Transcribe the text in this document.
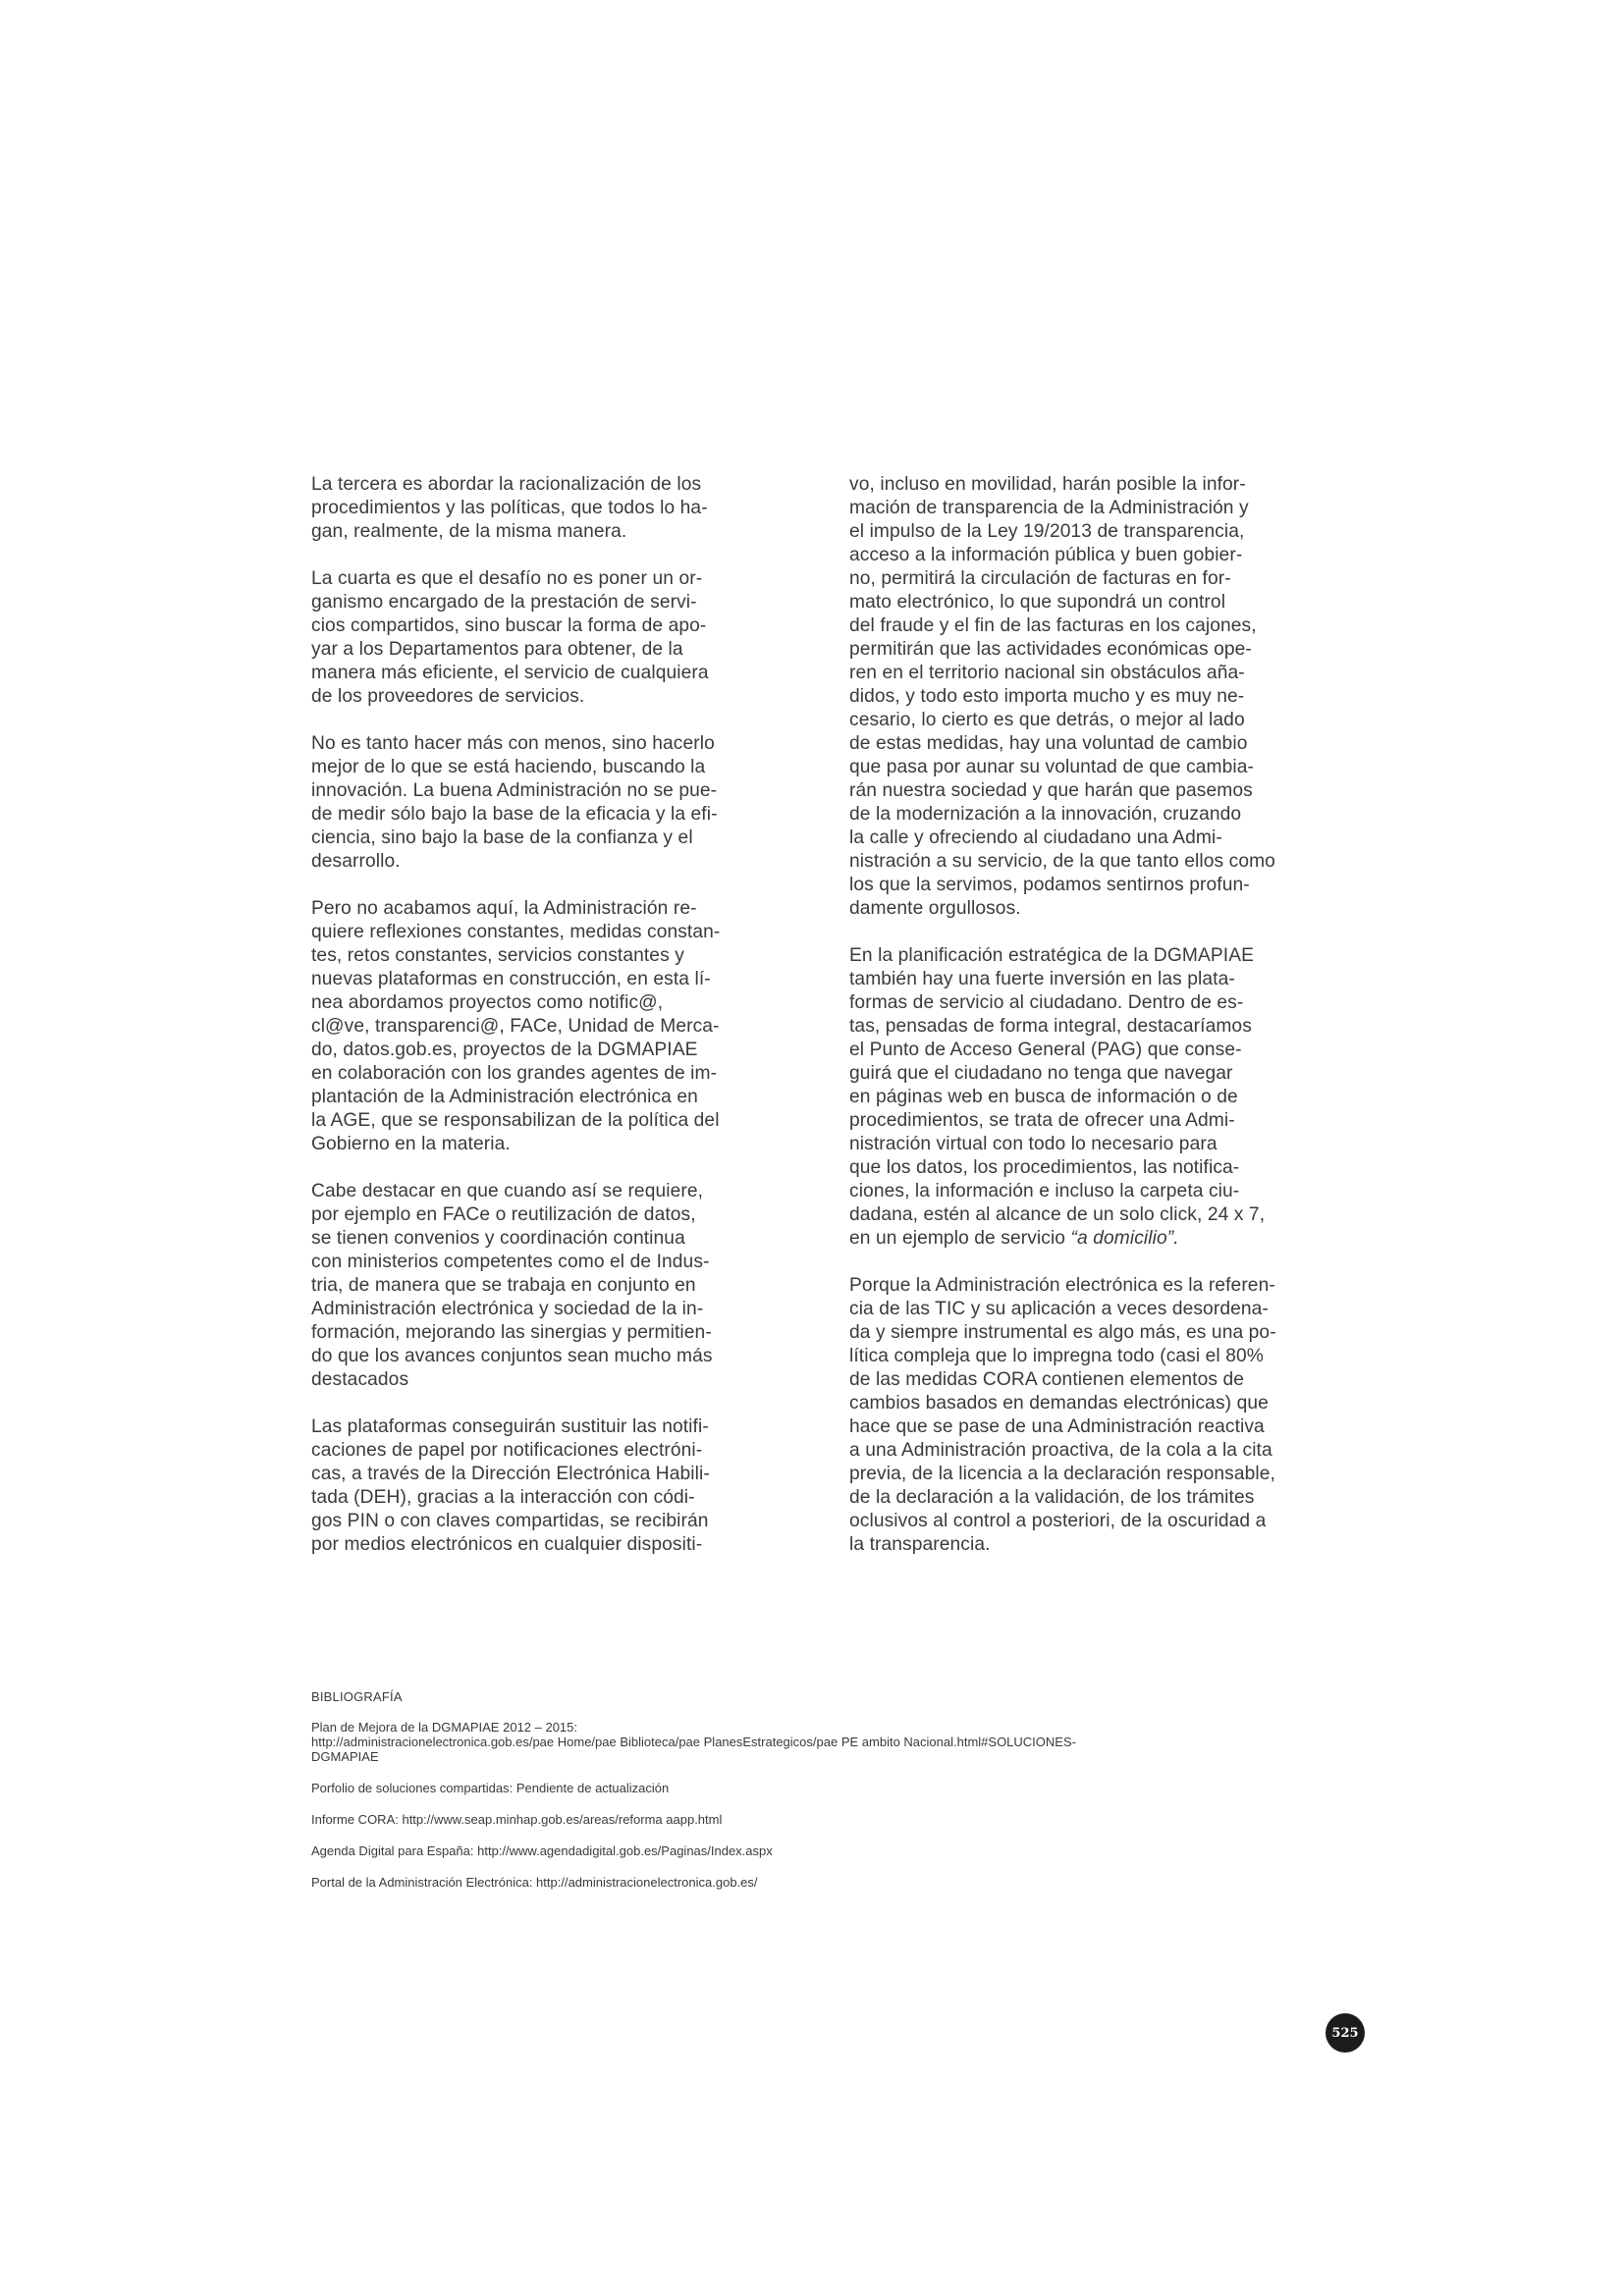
La tercera es abordar la racionalización de los
procedimientos y las políticas, que todos lo ha-
gan, realmente, de la misma manera.

La cuarta es que el desafío no es poner un or-
ganismo encargado de la prestación de servi-
cios compartidos, sino buscar la forma de apo-
yar a los Departamentos para obtener, de la
manera más eficiente, el servicio de cualquiera
de los proveedores de servicios.

No es tanto hacer más con menos, sino hacerlo
mejor de lo que se está haciendo, buscando la
innovación. La buena Administración no se pue-
de medir sólo bajo la base de la eficacia y la efi-
ciencia, sino bajo la base de la confianza y el
desarrollo.

Pero no acabamos aquí, la Administración re-
quiere reflexiones constantes, medidas constan-
tes, retos constantes, servicios constantes y
nuevas plataformas en construcción, en esta lí-
nea abordamos proyectos como notific@,
cl@ve, transparenci@, FACe, Unidad de Merca-
do, datos.gob.es, proyectos de la DGMAPIAE
en colaboración con los grandes agentes de im-
plantación de la Administración electrónica en
la AGE, que se responsabilizan de la política del
Gobierno en la materia.

Cabe destacar en que cuando así se requiere,
por ejemplo en FACe o reutilización de datos,
se tienen convenios y coordinación continua
con ministerios competentes como el de Indus-
tria, de manera que se trabaja en conjunto en
Administración electrónica y sociedad de la in-
formación, mejorando las sinergias y permitien-
do que los avances conjuntos sean mucho más
destacados

Las plataformas conseguirán sustituir las notifi-
caciones de papel por notificaciones electróni-
cas, a través de la Dirección Electrónica Habili-
tada (DEH), gracias a la interacción con códi-
gos PIN o con claves compartidas, se recibirán
por medios electrónicos en cualquier dispositi-

vo, incluso en movilidad, harán posible la infor-
mación de transparencia de la Administración y
el impulso de la Ley 19/2013 de transparencia,
acceso a la información pública y buen gobier-
no, permitirá la circulación de facturas en for-
mato electrónico, lo que supondrá un control
del fraude y el fin de las facturas en los cajones,
permitirán que las actividades económicas ope-
ren en el territorio nacional sin obstáculos aña-
didos, y todo esto importa mucho y es muy ne-
cesario, lo cierto es que detrás, o mejor al lado
de estas medidas, hay una voluntad de cambio
que pasa por aunar su voluntad de que cambia-
rán nuestra sociedad y que harán que pasemos
de la modernización a la innovación, cruzando
la calle y ofreciendo al ciudadano una Admi-
nistración a su servicio, de la que tanto ellos como
los que la servimos, podamos sentirnos profun-
damente orgullosos.

En la planificación estratégica de la DGMAPIAE
también hay una fuerte inversión en las plata-
formas de servicio al ciudadano. Dentro de es-
tas, pensadas de forma integral, destacaríamos
el Punto de Acceso General (PAG) que conse-
guirá que el ciudadano no tenga que navegar
en páginas web en busca de información o de
procedimientos, se trata de ofrecer una Admi-
nistración virtual con todo lo necesario para
que los datos, los procedimientos, las notifica-
ciones, la información e incluso la carpeta ciu-
dadana, estén al alcance de un solo click, 24 x 7,
en un ejemplo de servicio “a domicilio”.

Porque la Administración electrónica es la referen-
cia de las TIC y su aplicación a veces desordena-
da y siempre instrumental es algo más, es una po-
lítica compleja que lo impregna todo (casi el 80%
de las medidas CORA contienen elementos de
cambios basados en demandas electrónicas) que
hace que se pase de una Administración reactiva
a una Administración proactiva, de la cola a la cita
previa, de la licencia a la declaración responsable,
de la declaración a la validación, de los trámites
oclusivos al control a posteriori, de la oscuridad a
la transparencia.

BIBLIOGRAFÍA
Plan de Mejora de la DGMAPIAE 2012 – 2015:
http://administracionelectronica.gob.es/pae Home/pae Biblioteca/pae PlanesEstrategicos/pae PE ambito Nacional.html#SOLUCIONES-
DGMAPIAE
Porfolio de soluciones compartidas: Pendiente de actualización
Informe CORA: http://www.seap.minhap.gob.es/areas/reforma aapp.html
Agenda Digital para España: http://www.agendadigital.gob.es/Paginas/Index.aspx
Portal de la Administración Electrónica: http://administracionelectronica.gob.es/
525
